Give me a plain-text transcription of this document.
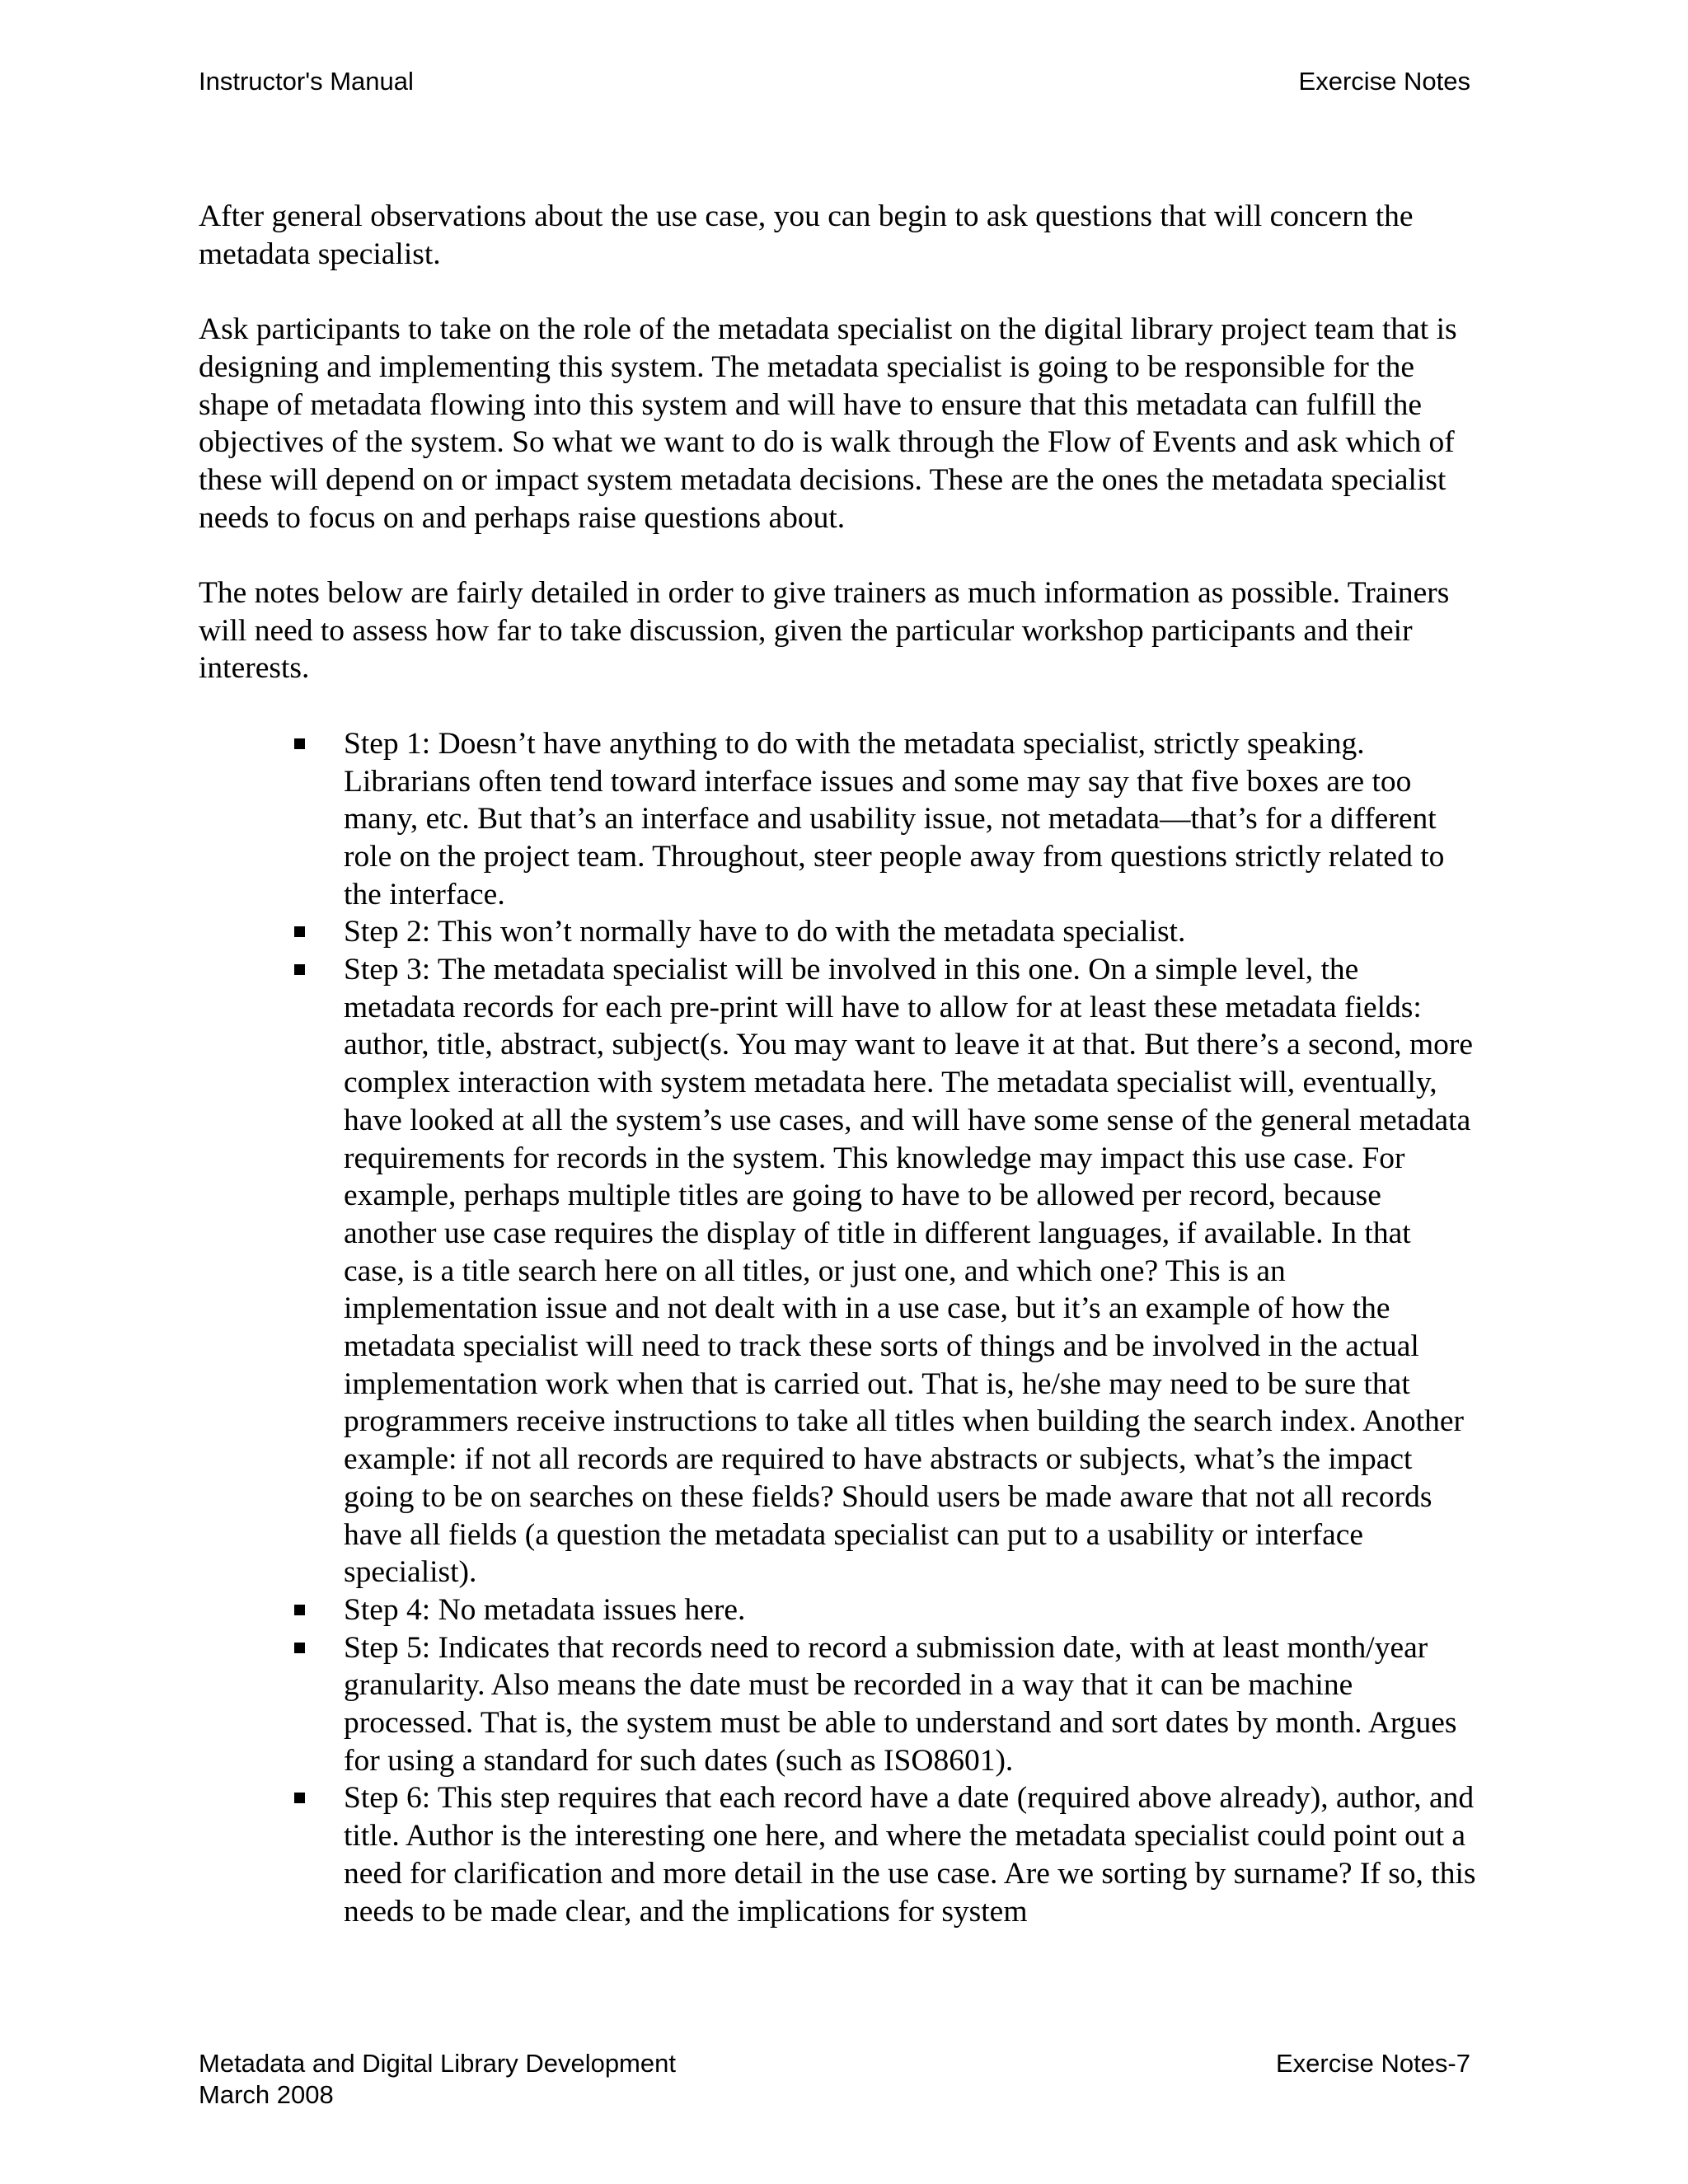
Instructor's Manual	Exercise Notes

After general observations about the use case, you can begin to ask questions that will concern the metadata specialist.

Ask participants to take on the role of the metadata specialist on the digital library project team that is designing and implementing this system. The metadata specialist is going to be responsible for the shape of metadata flowing into this system and will have to ensure that this metadata can fulfill the objectives of the system. So what we want to do is walk through the Flow of Events and ask which of these will depend on or impact system metadata decisions. These are the ones the metadata specialist needs to focus on and perhaps raise questions about.

The notes below are fairly detailed in order to give trainers as much information as possible. Trainers will need to assess how far to take discussion, given the particular workshop participants and their interests.

Step 1: Doesn’t have anything to do with the metadata specialist, strictly speaking. Librarians often tend toward interface issues and some may say that five boxes are too many, etc. But that’s an interface and usability issue, not metadata—that’s for a different role on the project team. Throughout, steer people away from questions strictly related to the interface.
Step 2: This won’t normally have to do with the metadata specialist.
Step 3: The metadata specialist will be involved in this one. On a simple level, the metadata records for each pre-print will have to allow for at least these metadata fields: author, title, abstract, subject(s. You may want to leave it at that. But there’s a second, more complex interaction with system metadata here. The metadata specialist will, eventually, have looked at all the system’s use cases, and will have some sense of the general metadata requirements for records in the system. This knowledge may impact this use case. For example, perhaps multiple titles are going to have to be allowed per record, because another use case requires the display of title in different languages, if available. In that case, is a title search here on all titles, or just one, and which one? This is an implementation issue and not dealt with in a use case, but it’s an example of how the metadata specialist will need to track these sorts of things and be involved in the actual implementation work when that is carried out. That is, he/she may need to be sure that programmers receive instructions to take all titles when building the search index. Another example: if not all records are required to have abstracts or subjects, what’s the impact going to be on searches on these fields? Should users be made aware that not all records have all fields (a question the metadata specialist can put to a usability or interface specialist).
Step 4: No metadata issues here.
Step 5: Indicates that records need to record a submission date, with at least month/year granularity. Also means the date must be recorded in a way that it can be machine processed. That is, the system must be able to understand and sort dates by month. Argues for using a standard for such dates (such as ISO8601).
Step 6: This step requires that each record have a date (required above already), author, and title. Author is the interesting one here, and where the metadata specialist could point out a need for clarification and more detail in the use case. Are we sorting by surname? If so, this needs to be made clear, and the implications for system
Metadata and Digital Library Development	Exercise Notes-7
March 2008
